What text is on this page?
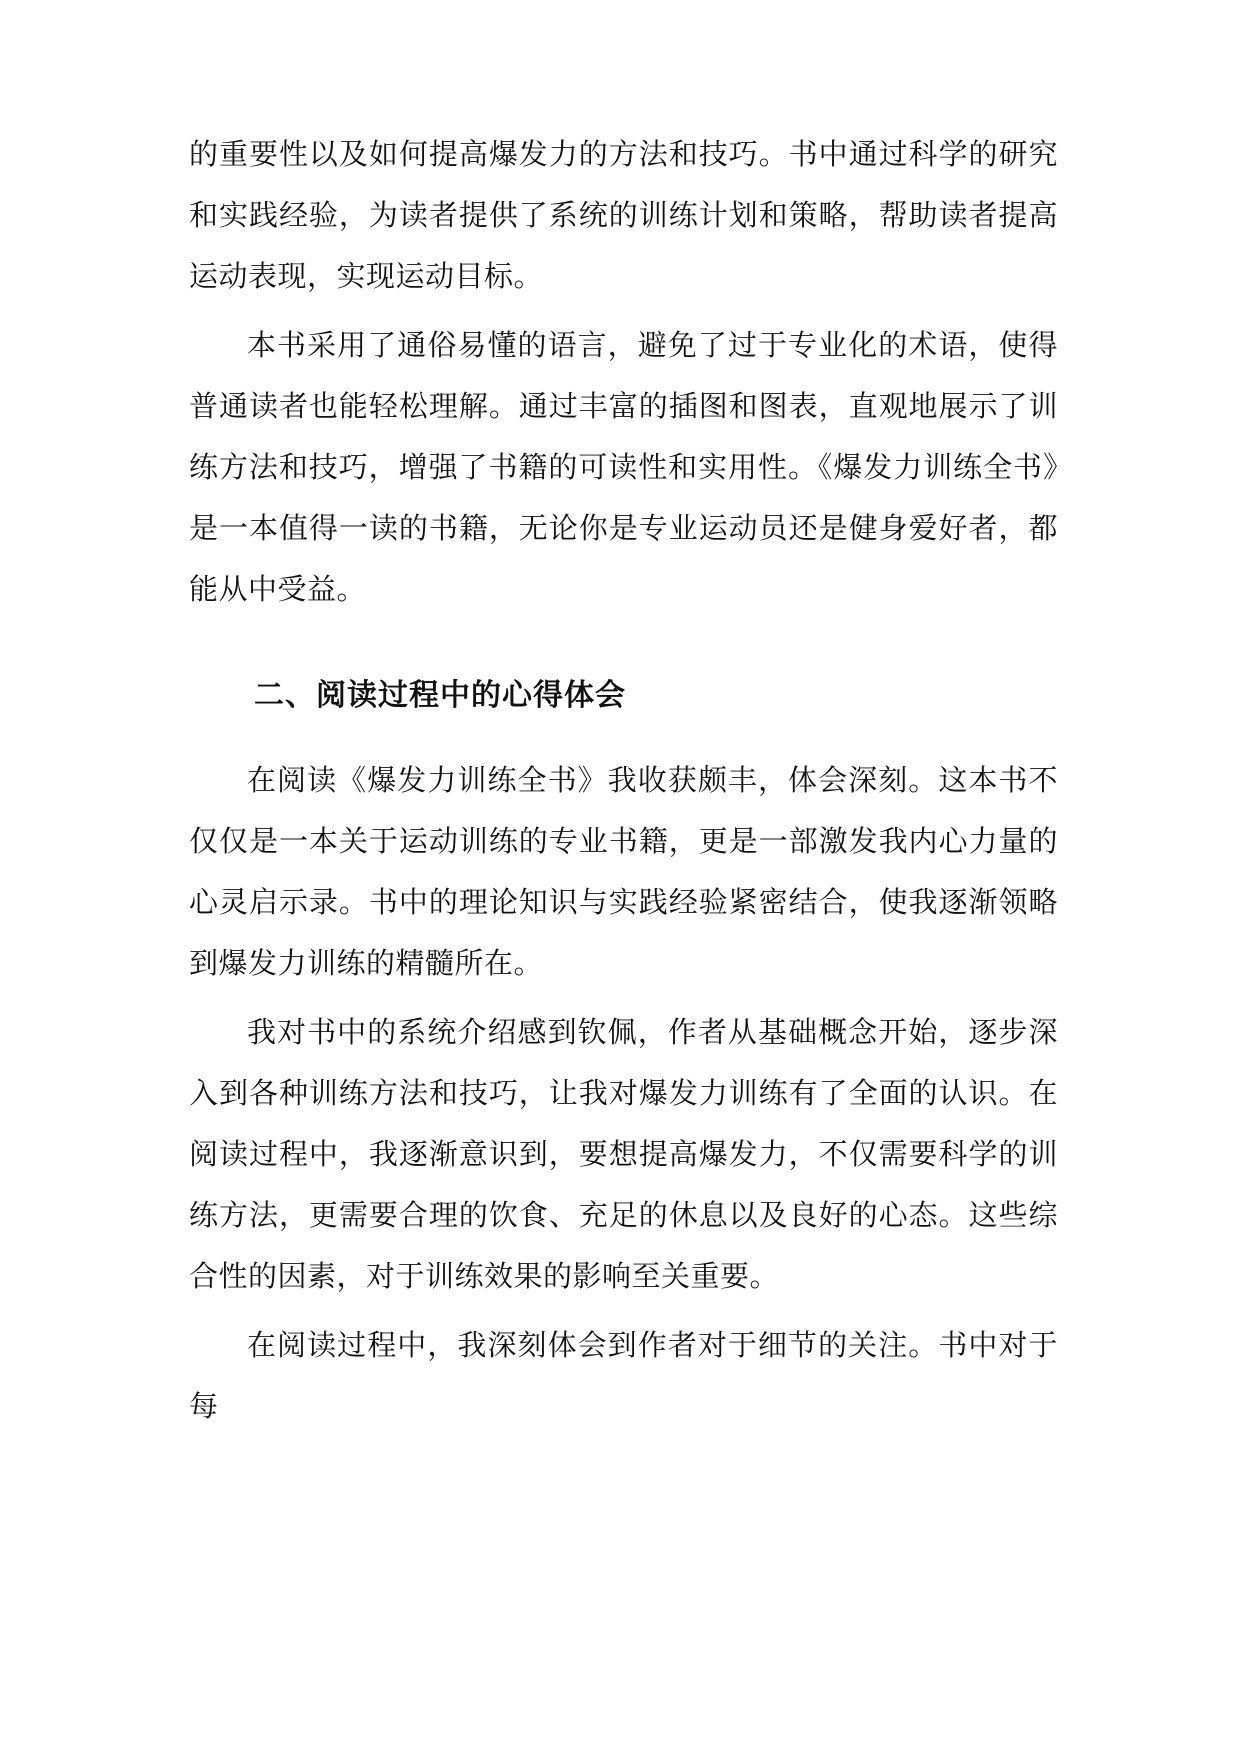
的重要性以及如何提高爆发力的方法和技巧。书中通过科学的研究和实践经验，为读者提供了系统的训练计划和策略，帮助读者提高运动表现，实现运动目标。

本书采用了通俗易懂的语言，避免了过于专业化的术语，使得普通读者也能轻松理解。通过丰富的插图和图表，直观地展示了训练方法和技巧，增强了书籍的可读性和实用性。《爆发力训练全书》是一本值得一读的书籍，无论你是专业运动员还是健身爱好者，都能从中受益。

二、阅读过程中的心得体会

在阅读《爆发力训练全书》我收获颇丰，体会深刻。这本书不仅仅是一本关于运动训练的专业书籍，更是一部激发我内心力量的心灵启示录。书中的理论知识与实践经验紧密结合，使我逐渐领略到爆发力训练的精髓所在。

我对书中的系统介绍感到钦佩，作者从基础概念开始，逐步深入到各种训练方法和技巧，让我对爆发力训练有了全面的认识。在阅读过程中，我逐渐意识到，要想提高爆发力，不仅需要科学的训练方法，更需要合理的饮食、充足的休息以及良好的心态。这些综合性的因素，对于训练效果的影响至关重要。

在阅读过程中，我深刻体会到作者对于细节的关注。书中对于每
